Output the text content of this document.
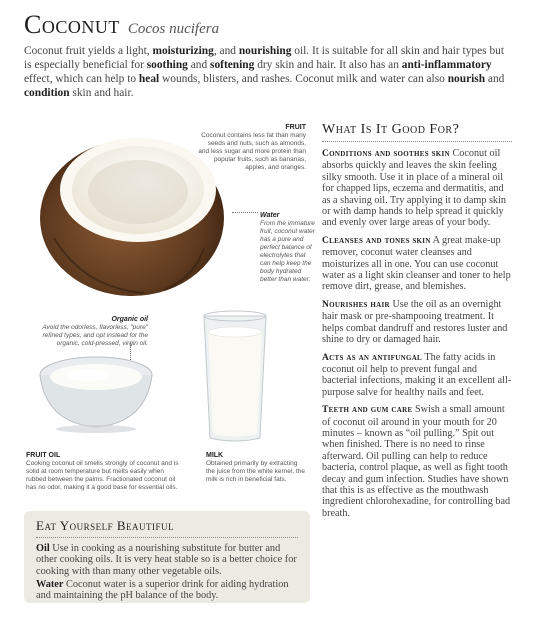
Coconut Cocos nucifera
Coconut fruit yields a light, moisturizing, and nourishing oil. It is suitable for all skin and hair types but is especially beneficial for soothing and softening dry skin and hair. It also has an anti-inflammatory effect, which can help to heal wounds, blisters, and rashes. Coconut milk and water can also nourish and condition skin and hair.
FRUIT
Coconut contains less fat than many seeds and nuts, such as almonds, and less sugar and more protein than popular fruits, such as bananas, apples, and oranges.
Water
From the immature fruit, coconut water has a pure and perfect balance of electrolytes that can help keep the body hydrated better than water.
Organic oil
Avoid the odorless, flavorless, "pure" refined types, and opt instead for the organic, cold-pressed, virgin oil.
FRUIT OIL
Cooking coconut oil smells strongly of coconut and is solid at room temperature but melts easily when rubbed between the palms. Fractionated coconut oil has no odor, making it a good base for essential oils.
MILK
Obtained primarily by extracting the juice from the white kernel, the milk is rich in beneficial fats.
What Is It Good For?
Conditions and soothes skin Coconut oil absorbs quickly and leaves the skin feeling silky smooth. Use it in place of a mineral oil for chapped lips, eczema and dermatitis, and as a shaving oil. Try applying it to damp skin or with damp hands to help spread it quickly and evenly over large areas of your body.
Cleanses and tones skin A great make-up remover, coconut water cleanses and moisturizes all in one. You can use coconut water as a light skin cleanser and toner to help remove dirt, grease, and blemishes.
Nourishes hair Use the oil as an overnight hair mask or pre-shampooing treatment. It helps combat dandruff and restores luster and shine to dry or damaged hair.
Acts as an antifungal The fatty acids in coconut oil help to prevent fungal and bacterial infections, making it an excellent all-purpose salve for healthy nails and feet.
Teeth and gum care Swish a small amount of coconut oil around in your mouth for 20 minutes – known as “oil pulling.” Spit out when finished. There is no need to rinse afterward. Oil pulling can help to reduce bacteria, control plaque, as well as fight tooth decay and gum infection. Studies have shown that this is as effective as the mouthwash ingredient chlorohexadine, for controlling bad breath.
Eat Yourself Beautiful
Oil Use in cooking as a nourishing substitute for butter and other cooking oils. It is very heat stable so is a better choice for cooking with than many other vegetable oils.
Water Coconut water is a superior drink for aiding hydration and maintaining the pH balance of the body.
